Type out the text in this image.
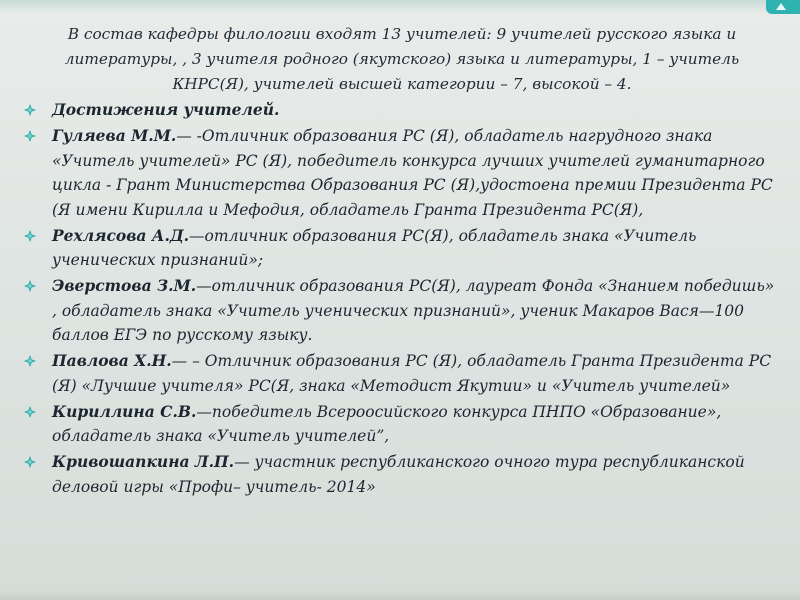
В состав кафедры филологии входят 13 учителей: 9 учителей русского языка и литературы, , 3 учителя родного (якутского) языка и литературы, 1 – учитель КНРС(Я), учителей высшей категории – 7, высокой – 4.
Достижения учителей.
Гуляева М.М.— -Отличник образования РС (Я), обладатель нагрудного знака «Учитель учителей» РС (Я), победитель конкурса лучших учителей гуманитарного цикла - Грант Министерства Образования РС (Я),удостоена премии Президента РС (Я имени Кирилла и Мефодия, обладатель Гранта Президента РС(Я),
Рехлясова А.Д.—отличник образования РС(Я), обладатель знака «Учитель ученических признаний»;
Эверстова З.М.—отличник образования РС(Я), лауреат Фонда «Знанием победишь» , обладатель знака «Учитель ученических признаний», ученик Макаров Вася—100 баллов ЕГЭ по русскому языку.
Павлова Х.Н.— – Отличник образования РС (Я), обладатель Гранта Президента РС (Я) «Лучшие учителя» РС(Я, знака «Методист Якутии» и «Учитель учителей»
Кириллина С.В.—победитель Всероосийского конкурса ПНПО «Образование», обладатель знака «Учитель учителей”,
Кривошапкина Л.П.— участник республиканского очного тура республиканской деловой игры «Профи– учитель- 2014»
